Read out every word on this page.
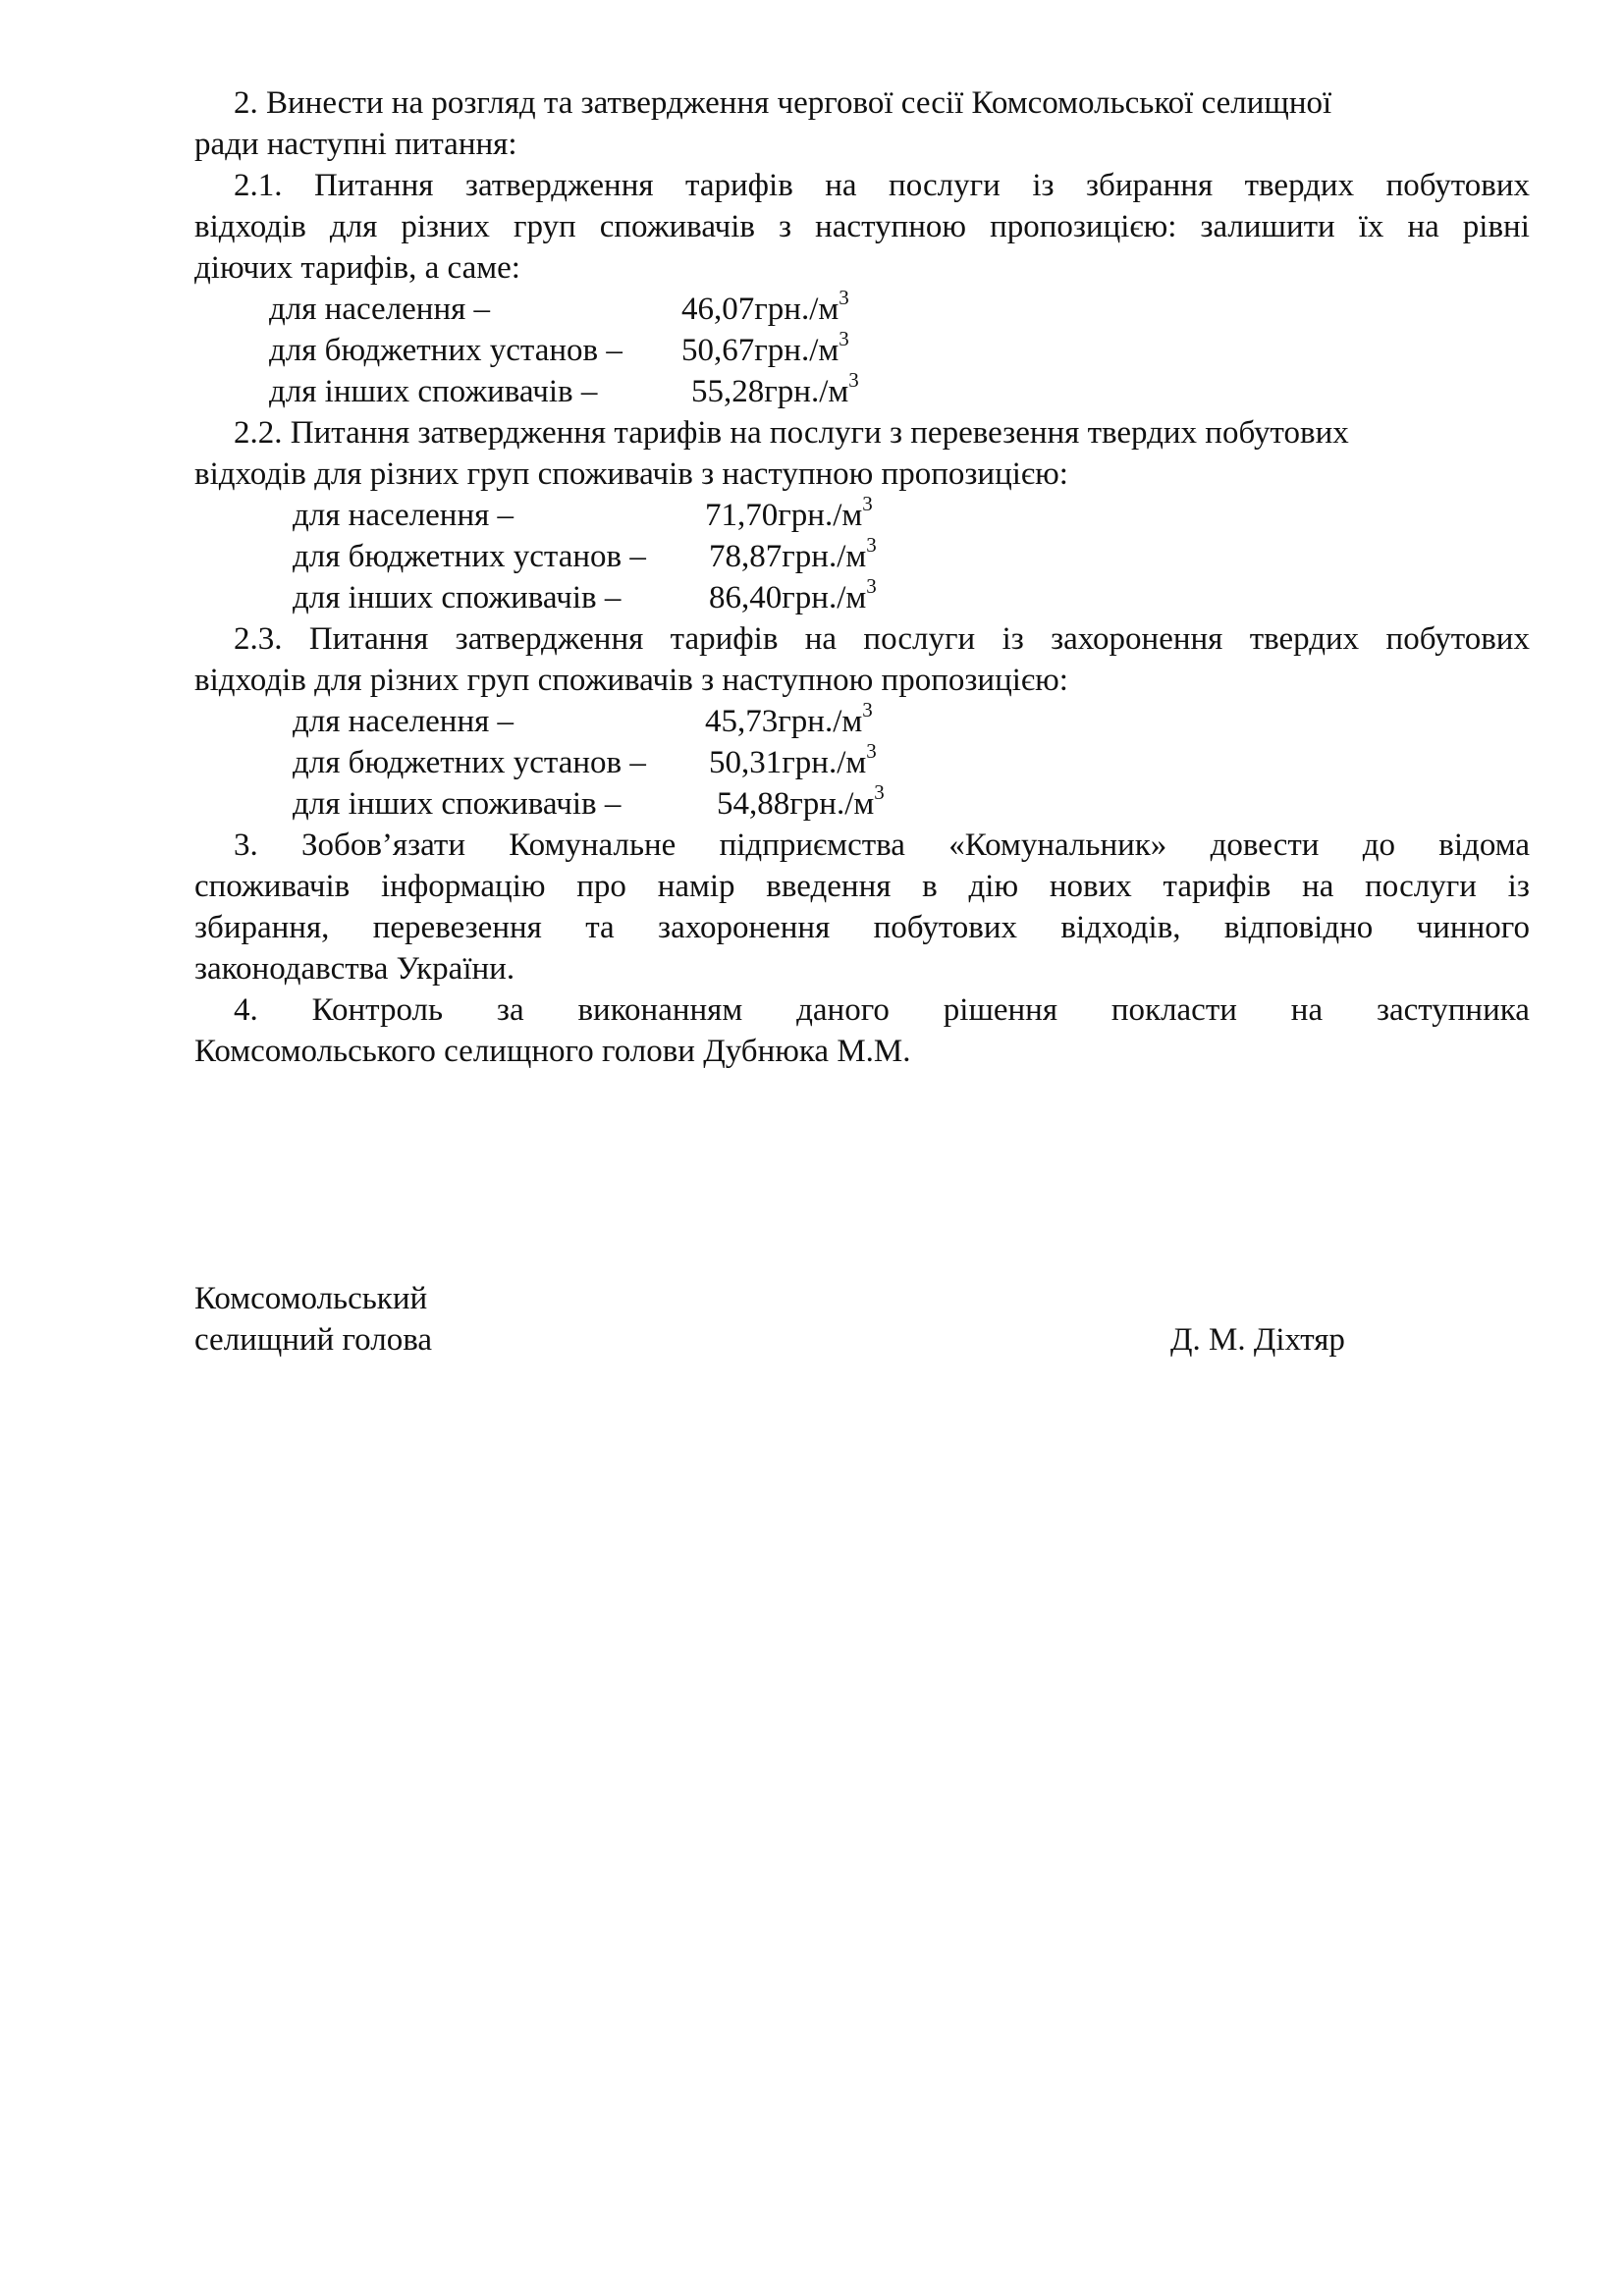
2. Винести на розгляд та затвердження чергової сесії Комсомольської селищної
ради наступні питання:
2.1. Питання затвердження тарифів на послуги із збирання твердих побутових
відходів для різних груп споживачів з наступною пропозицією: залишити їх на рівні
діючих тарифів, а саме:
для населення –	$46,07грн./м^3$
для бюджетних установ – $50,67грн./м^3$
для інших споживачів –	$55,28грн./м^3$
2.2. Питання затвердження тарифів на послуги з перевезення твердих побутових
відходів для різних груп споживачів з наступною пропозицією:
для населення –	$71,70грн./м^3$
для бюджетних установ – $78,87грн./м^3$
для інших споживачів –	$86,40грн./м^3$
2.3. Питання затвердження тарифів на послуги із захоронення твердих побутових
відходів для різних груп споживачів з наступною пропозицією:
для населення –	$45,73грн./м^3$
для бюджетних установ – $50,31грн./м^3$
для інших споживачів –	$54,88грн./м^3$
3. Зобов’язати Комунальне підприємства «Комунальник» довести до відома
споживачів інформацію про намір введення в дію нових тарифів на послуги із
збирання, перевезення та захоронення побутових відходів, відповідно чинного
законодавства України.
4. Контроль за виконанням даного рішення покласти на заступника
Комсомольського селищного голови Дубнюка М.М.
Комсомольський
селищний голова	Д. М. Діхтяр
